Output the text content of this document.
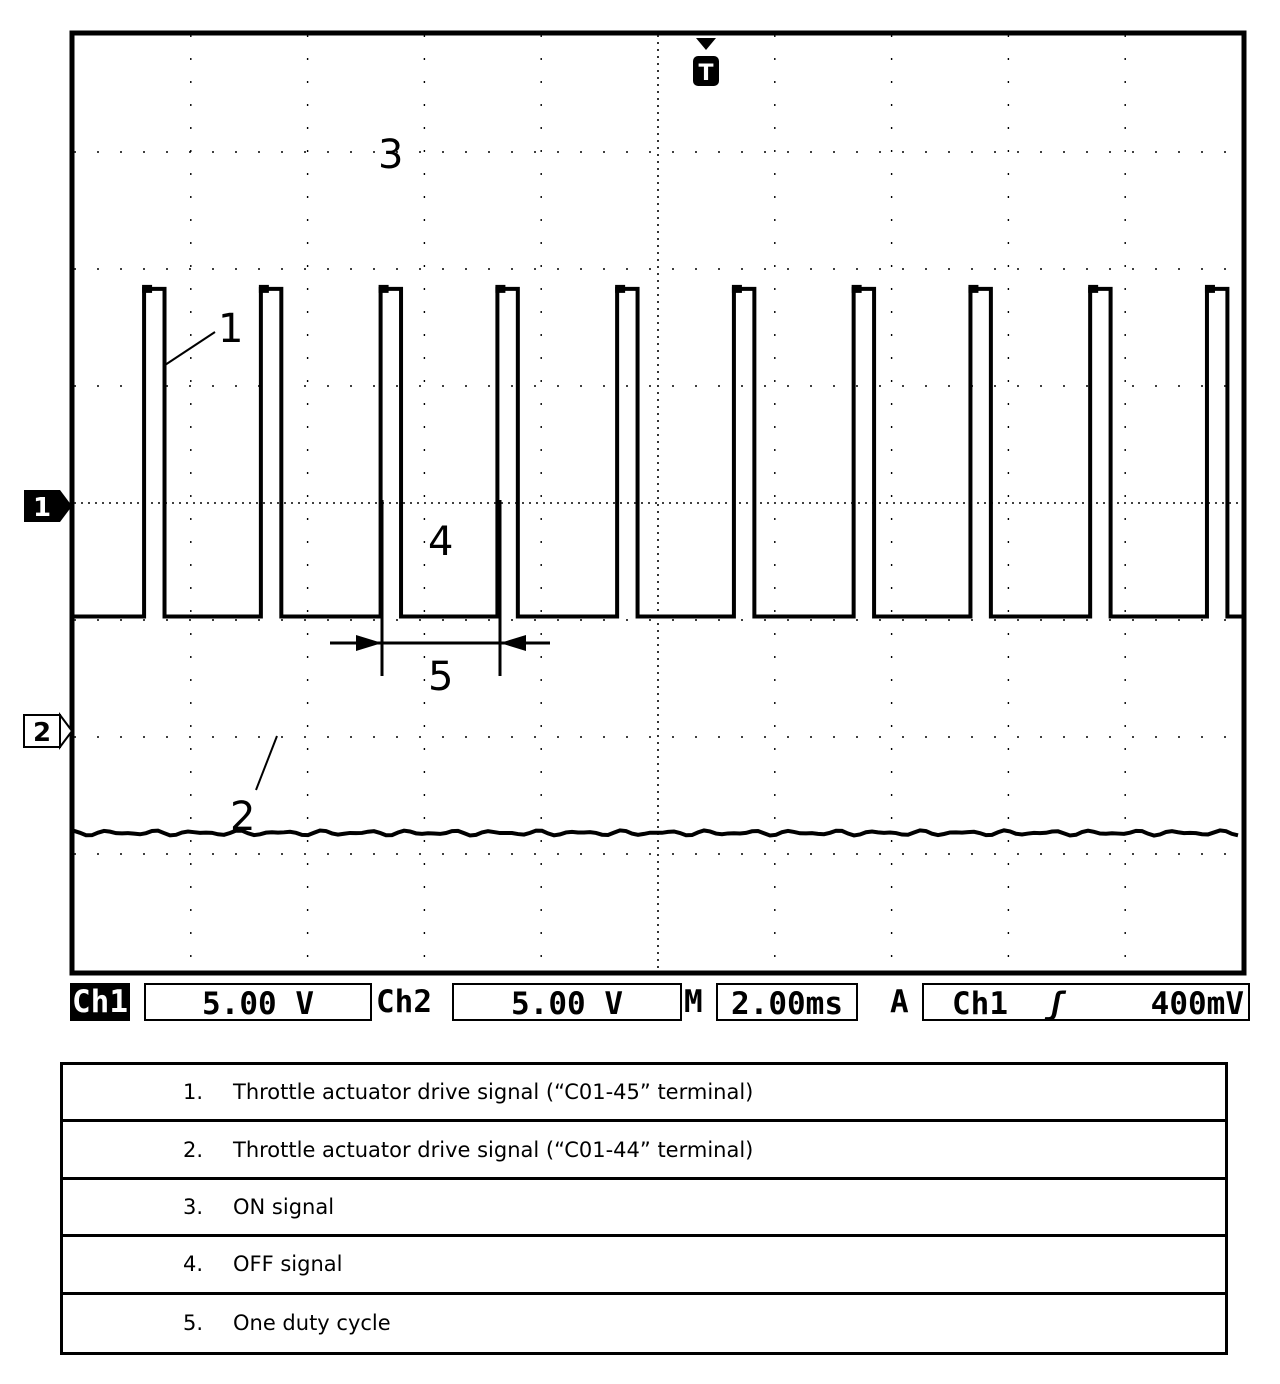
T
1
2
1
2
3
4
5
Ch1	5.00 V	Ch2	5.00 V	M 2.00ms	A Ch1 ʃ	400mV
1. Throttle actuator drive signal (“C01-45” terminal)
2. Throttle actuator drive signal (“C01-44” terminal)
3. ON signal
4. OFF signal
5. One duty cycle
